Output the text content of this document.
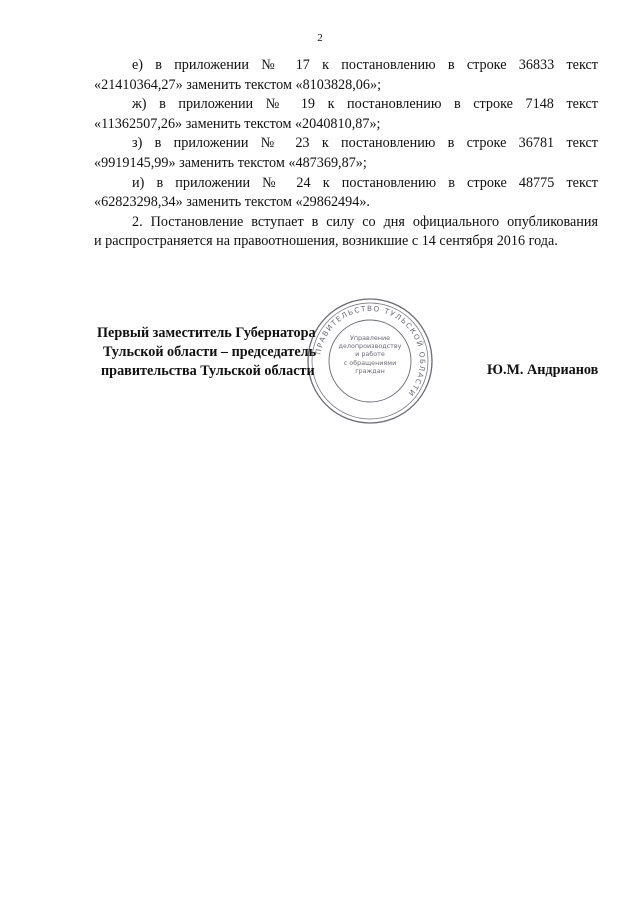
2

е) в приложении № 17 к постановлению в строке 36833 текст
«21410364,27» заменить текстом «8103828,06»;

ж) в приложении № 19 к постановлению в строке 7148 текст
«11362507,26» заменить текстом «2040810,87»;

з) в приложении № 23 к постановлению в строке 36781 текст
«9919145,99» заменить текстом «487369,87»;

и) в приложении № 24 к постановлению в строке 48775 текст
«62823298,34» заменить текстом «29862494».

2. Постановление вступает в силу со дня официального опубликования
и распространяется на правоотношения, возникшие с 14 сентября 2016 года.

ПРАВИТЕЛЬСТВО ТУЛЬСКОЙ ОБЛАСТИ
Управление
делопроизводству
и работе
с обращениями
граждан
Первый заместитель Губернатора
Тульской области – председатель
правительства Тульской области	Ю.М. Андрианов
